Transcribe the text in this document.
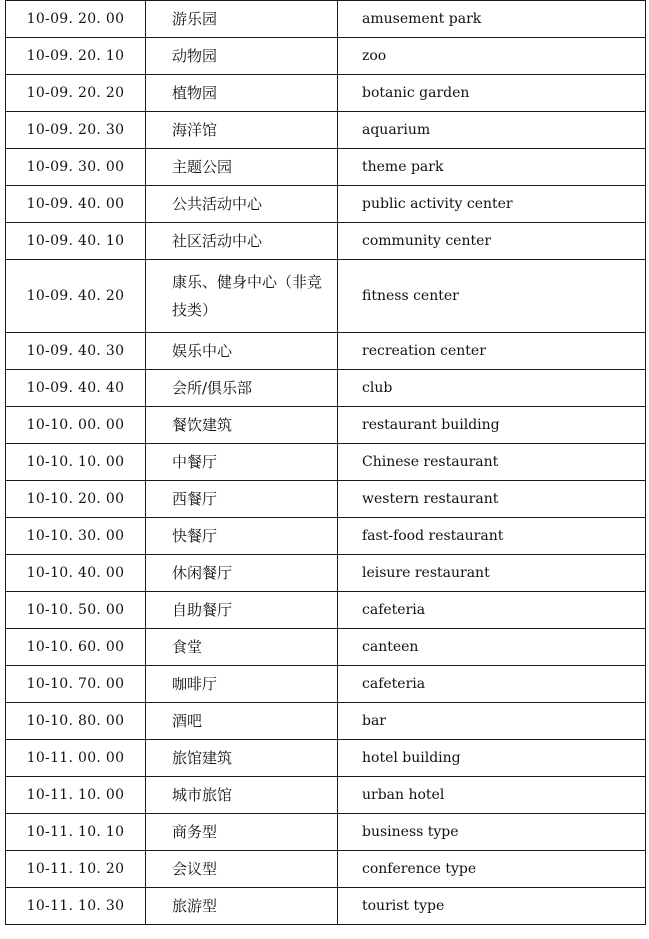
10-09. 20. 00	游乐园	amusement park
10-09. 20. 10	动物园	zoo
10-09. 20. 20	植物园	botanic garden
10-09. 20. 30	海洋馆	aquarium
10-09. 30. 00	主题公园	theme park
10-09. 40. 00	公共活动中心	public activity center
10-09. 40. 10	社区活动中心	community center
10-09. 40. 20	康乐、健身中心（非竞技类）	fitness center
10-09. 40. 30	娱乐中心	recreation center
10-09. 40. 40	会所/俱乐部	club
10-10. 00. 00	餐饮建筑	restaurant building
10-10. 10. 00	中餐厅	Chinese restaurant
10-10. 20. 00	西餐厅	western restaurant
10-10. 30. 00	快餐厅	fast-food restaurant
10-10. 40. 00	休闲餐厅	leisure restaurant
10-10. 50. 00	自助餐厅	cafeteria
10-10. 60. 00	食堂	canteen
10-10. 70. 00	咖啡厅	cafeteria
10-10. 80. 00	酒吧	bar
10-11. 00. 00	旅馆建筑	hotel building
10-11. 10. 00	城市旅馆	urban hotel
10-11. 10. 10	商务型	business type
10-11. 10. 20	会议型	conference type
10-11. 10. 30	旅游型	tourist type
